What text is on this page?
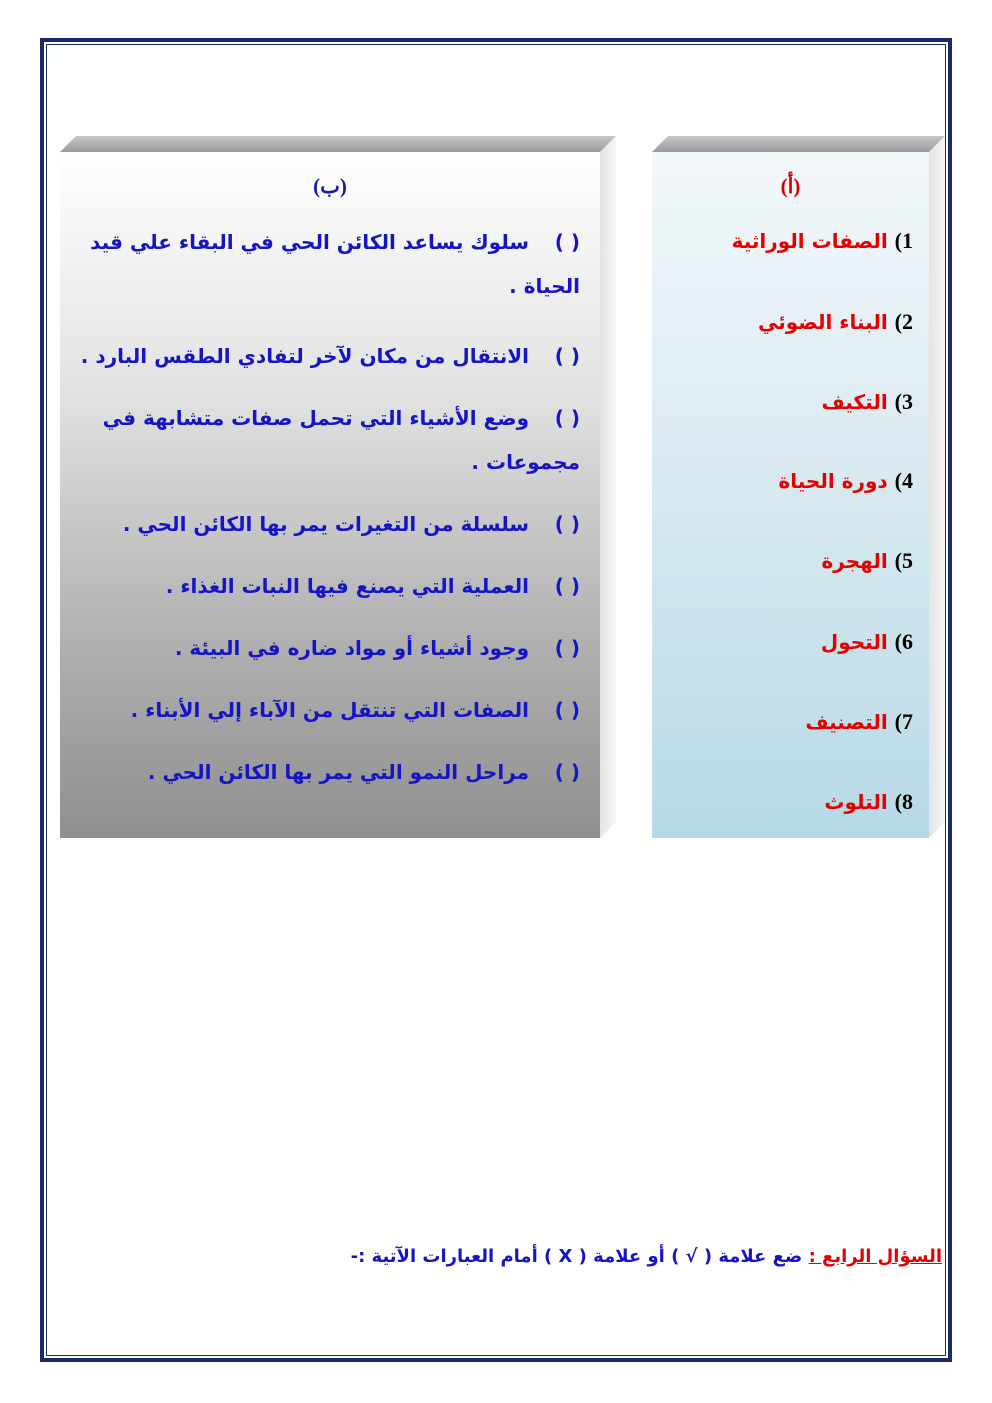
(ب)
( ) سلوك يساعد الكائن الحي في البقاء علي قيد الحياة .
( ) الانتقال من مكان لآخر لتفادي الطقس البارد .
( ) وضع الأشياء التي تحمل صفات متشابهة في مجموعات .
( ) سلسلة من التغيرات يمر بها الكائن الحي .
( ) العملية التي يصنع فيها النبات الغذاء .
( ) وجود أشياء أو مواد ضاره في البيئة .
( ) الصفات التي تنتقل من الآباء إلي الأبناء .
( ) مراحل النمو التي يمر بها الكائن الحي .
(أ)
1) الصفات الوراثية
2) البناء الضوئي
3) التكيف
4) دورة الحياة
5) الهجرة
6) التحول
7) التصنيف
8) التلوث
السؤال الرابع : ضع علامة ( √ ) أو علامة ( X ) أمام العبارات الآتية :-
